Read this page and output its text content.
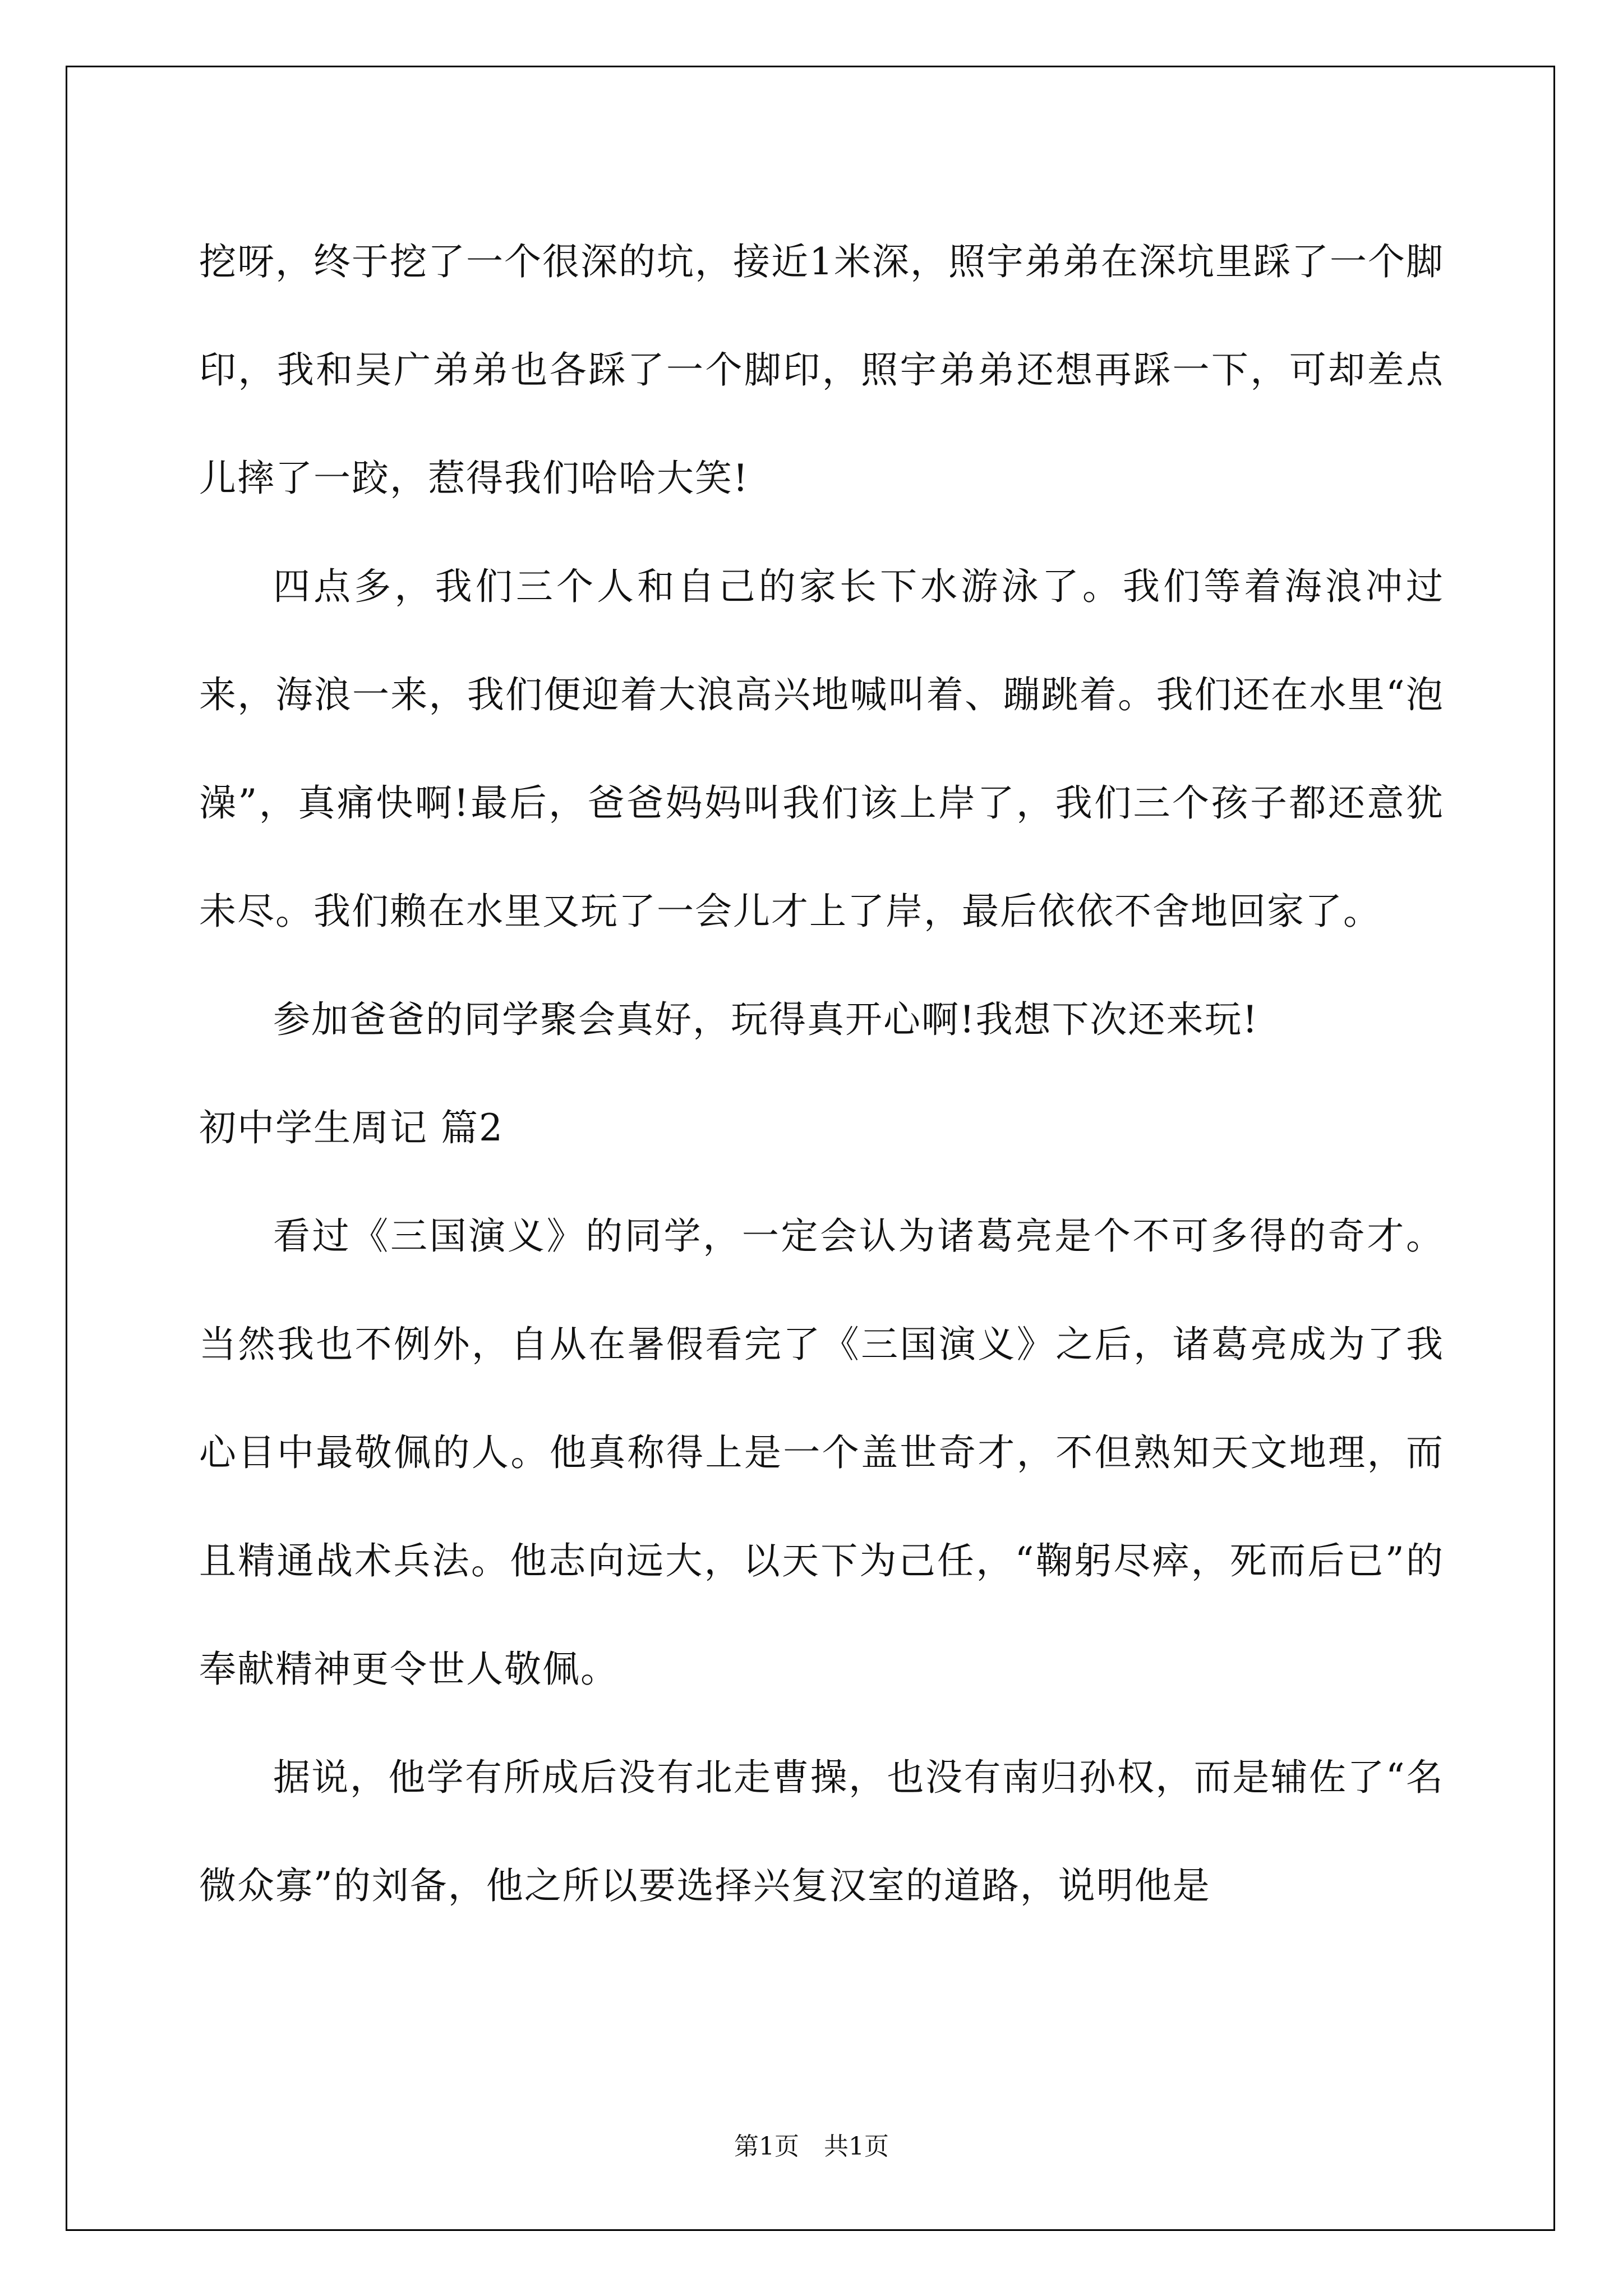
挖呀，终于挖了一个很深的坑，接近1米深，照宇弟弟在深坑里踩了一个脚印，我和吴广弟弟也各踩了一个脚印，照宇弟弟还想再踩一下，可却差点儿摔了一跤，惹得我们哈哈大笑!

四点多，我们三个人和自己的家长下水游泳了。我们等着海浪冲过来，海浪一来，我们便迎着大浪高兴地喊叫着、蹦跳着。我们还在水里“泡澡”，真痛快啊!最后，爸爸妈妈叫我们该上岸了，我们三个孩子都还意犹未尽。我们赖在水里又玩了一会儿才上了岸，最后依依不舍地回家了。

参加爸爸的同学聚会真好，玩得真开心啊!我想下次还来玩!

初中学生周记 篇2

看过《三国演义》的同学，一定会认为诸葛亮是个不可多得的奇才。当然我也不例外，自从在暑假看完了《三国演义》之后，诸葛亮成为了我心目中最敬佩的人。他真称得上是一个盖世奇才，不但熟知天文地理，而且精通战术兵法。他志向远大，以天下为己任，“鞠躬尽瘁，死而后已”的奉献精神更令世人敬佩。

据说，他学有所成后没有北走曹操，也没有南归孙权，而是辅佐了“名微众寡”的刘备，他之所以要选择兴复汉室的道路，说明他是

第1页　共1页
